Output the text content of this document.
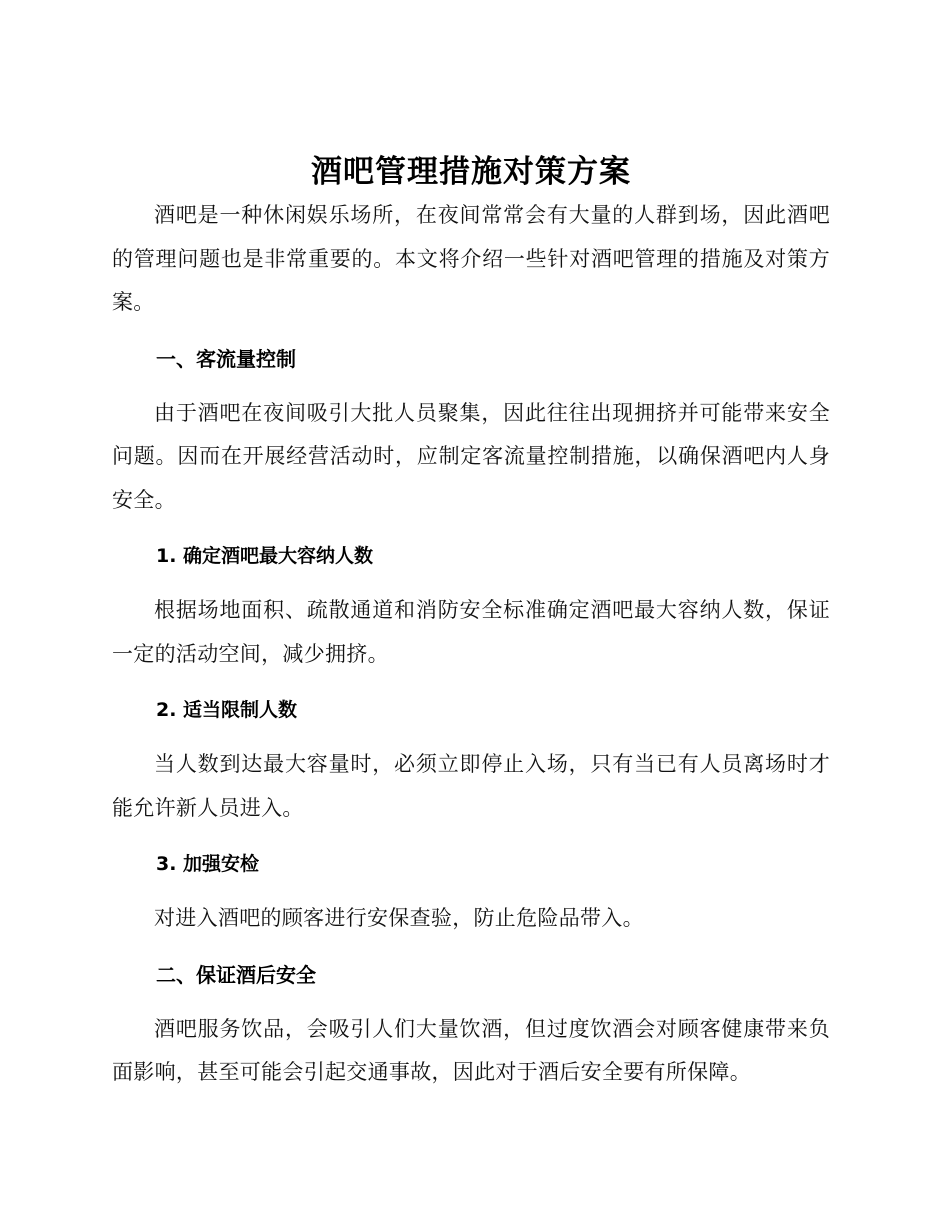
酒吧管理措施对策方案

酒吧是一种休闲娱乐场所，在夜间常常会有大量的人群到场，因此酒吧的管理问题也是非常重要的。本文将介绍一些针对酒吧管理的措施及对策方案。

一、客流量控制

由于酒吧在夜间吸引大批人员聚集，因此往往出现拥挤并可能带来安全问题。因而在开展经营活动时，应制定客流量控制措施，以确保酒吧内人身安全。

1. 确定酒吧最大容纳人数

根据场地面积、疏散通道和消防安全标准确定酒吧最大容纳人数，保证一定的活动空间，减少拥挤。

2. 适当限制人数

当人数到达最大容量时，必须立即停止入场，只有当已有人员离场时才能允许新人员进入。

3. 加强安检

对进入酒吧的顾客进行安保查验，防止危险品带入。

二、保证酒后安全

酒吧服务饮品，会吸引人们大量饮酒，但过度饮酒会对顾客健康带来负面影响，甚至可能会引起交通事故，因此对于酒后安全要有所保障。
